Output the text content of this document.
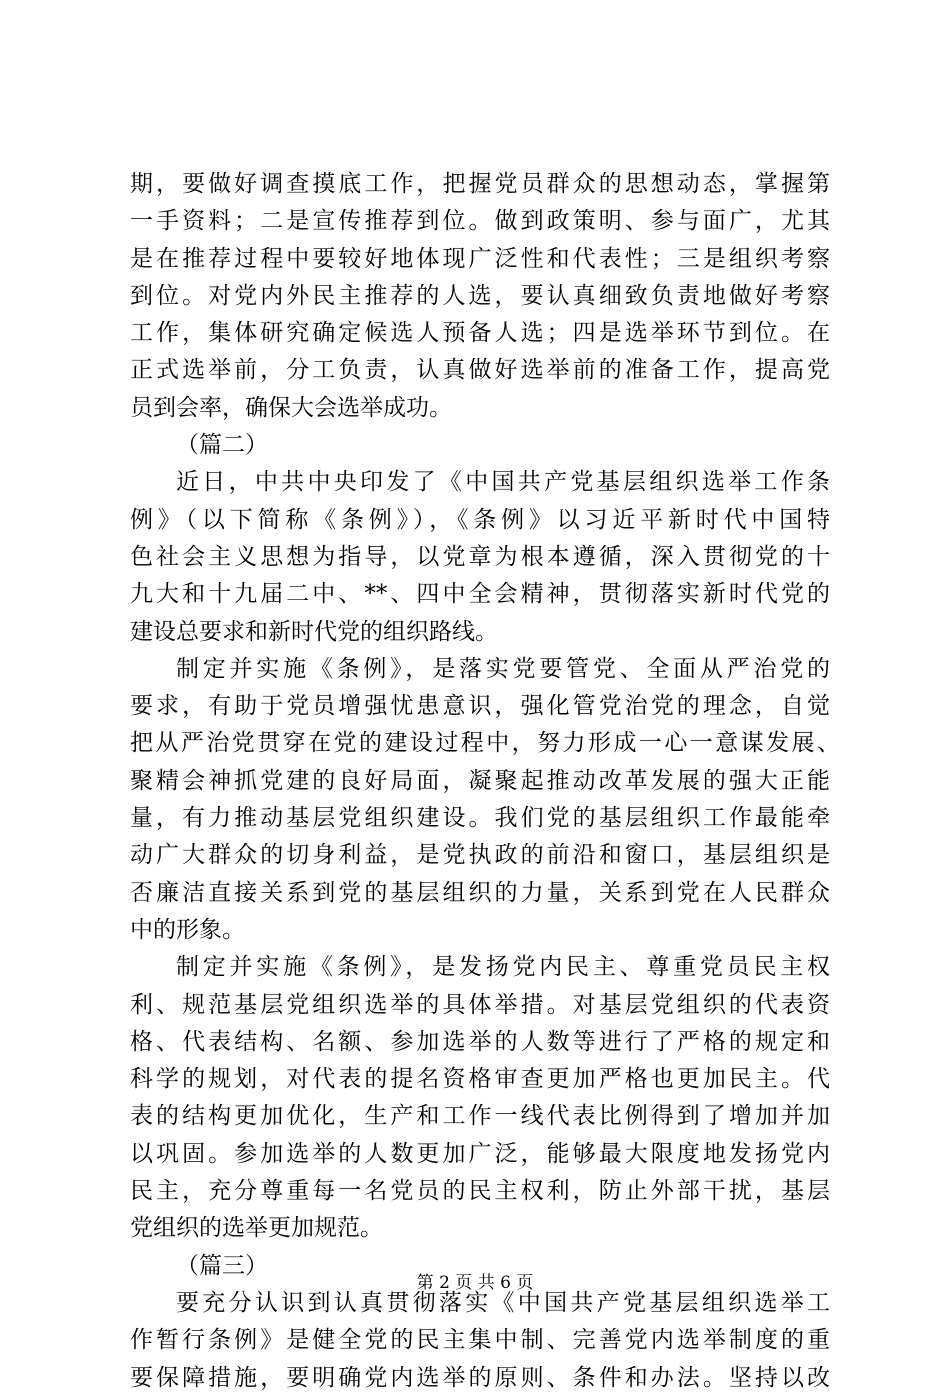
期，要做好调查摸底工作，把握党员群众的思想动态，掌握第
一手资料；二是宣传推荐到位。做到政策明、参与面广，尤其
是在推荐过程中要较好地体现广泛性和代表性；三是组织考察
到位。对党内外民主推荐的人选，要认真细致负责地做好考察
工作，集体研究确定候选人预备人选；四是选举环节到位。在
正式选举前，分工负责，认真做好选举前的准备工作，提高党
员到会率，确保大会选举成功。
（篇二）
近日，中共中央印发了《中国共产党基层组织选举工作条
例》（以下简称《条例》），《条例》以习近平新时代中国特
色社会主义思想为指导，以党章为根本遵循，深入贯彻党的十
九大和十九届二中、**、四中全会精神，贯彻落实新时代党的
建设总要求和新时代党的组织路线。
制定并实施《条例》，是落实党要管党、全面从严治党的
要求，有助于党员增强忧患意识，强化管党治党的理念，自觉
把从严治党贯穿在党的建设过程中，努力形成一心一意谋发展、
聚精会神抓党建的良好局面，凝聚起推动改革发展的强大正能
量，有力推动基层党组织建设。我们党的基层组织工作最能牵
动广大群众的切身利益，是党执政的前沿和窗口，基层组织是
否廉洁直接关系到党的基层组织的力量，关系到党在人民群众
中的形象。
制定并实施《条例》，是发扬党内民主、尊重党员民主权
利、规范基层党组织选举的具体举措。对基层党组织的代表资
格、代表结构、名额、参加选举的人数等进行了严格的规定和
科学的规划，对代表的提名资格审查更加严格也更加民主。代
表的结构更加优化，生产和工作一线代表比例得到了增加并加
以巩固。参加选举的人数更加广泛，能够最大限度地发扬党内
民主，充分尊重每一名党员的民主权利，防止外部干扰，基层
党组织的选举更加规范。
（篇三）
要充分认识到认真贯彻落实《中国共产党基层组织选举工
作暂行条例》是健全党的民主集中制、完善党内选举制度的重
要保障措施，要明确党内选举的原则、条件和办法。坚持以改
第 2 页 共 6 页
